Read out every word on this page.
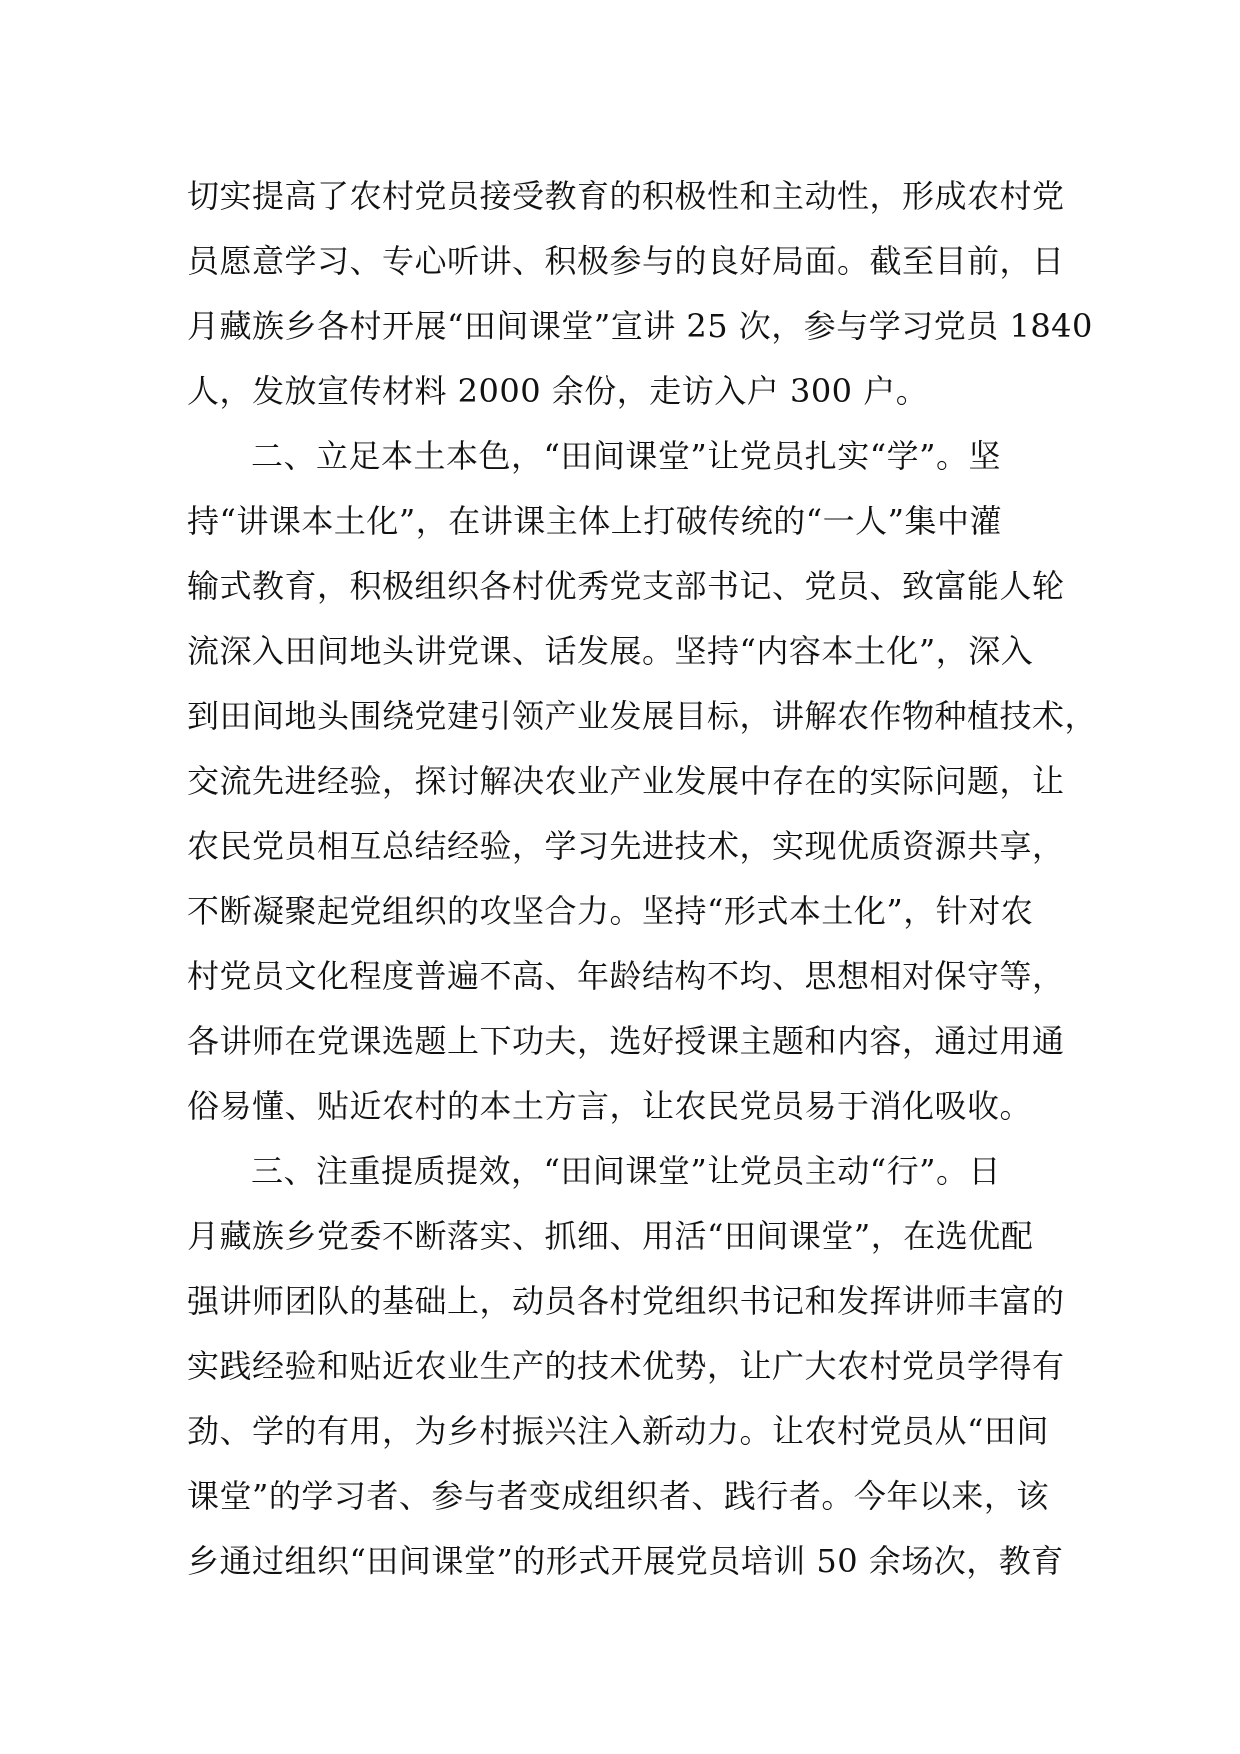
切实提高了农村党员接受教育的积极性和主动性，形成农村党
员愿意学习、专心听讲、积极参与的良好局面。截至目前，日
月藏族乡各村开展“田间课堂”宣讲 25 次，参与学习党员 1840
人，发放宣传材料 2000 余份，走访入户 300 户。
二、立足本土本色，“田间课堂”让党员扎实“学”。坚
持“讲课本土化”，在讲课主体上打破传统的“一人”集中灌
输式教育，积极组织各村优秀党支部书记、党员、致富能人轮
流深入田间地头讲党课、话发展。坚持“内容本土化”，深入
到田间地头围绕党建引领产业发展目标，讲解农作物种植技术，
交流先进经验，探讨解决农业产业发展中存在的实际问题，让
农民党员相互总结经验，学习先进技术，实现优质资源共享，
不断凝聚起党组织的攻坚合力。坚持“形式本土化”，针对农
村党员文化程度普遍不高、年龄结构不均、思想相对保守等，
各讲师在党课选题上下功夫，选好授课主题和内容，通过用通
俗易懂、贴近农村的本土方言，让农民党员易于消化吸收。
三、注重提质提效，“田间课堂”让党员主动“行”。日
月藏族乡党委不断落实、抓细、用活“田间课堂”，在选优配
强讲师团队的基础上，动员各村党组织书记和发挥讲师丰富的
实践经验和贴近农业生产的技术优势，让广大农村党员学得有
劲、学的有用，为乡村振兴注入新动力。让农村党员从“田间
课堂”的学习者、参与者变成组织者、践行者。今年以来，该
乡通过组织“田间课堂”的形式开展党员培训 50 余场次，教育
